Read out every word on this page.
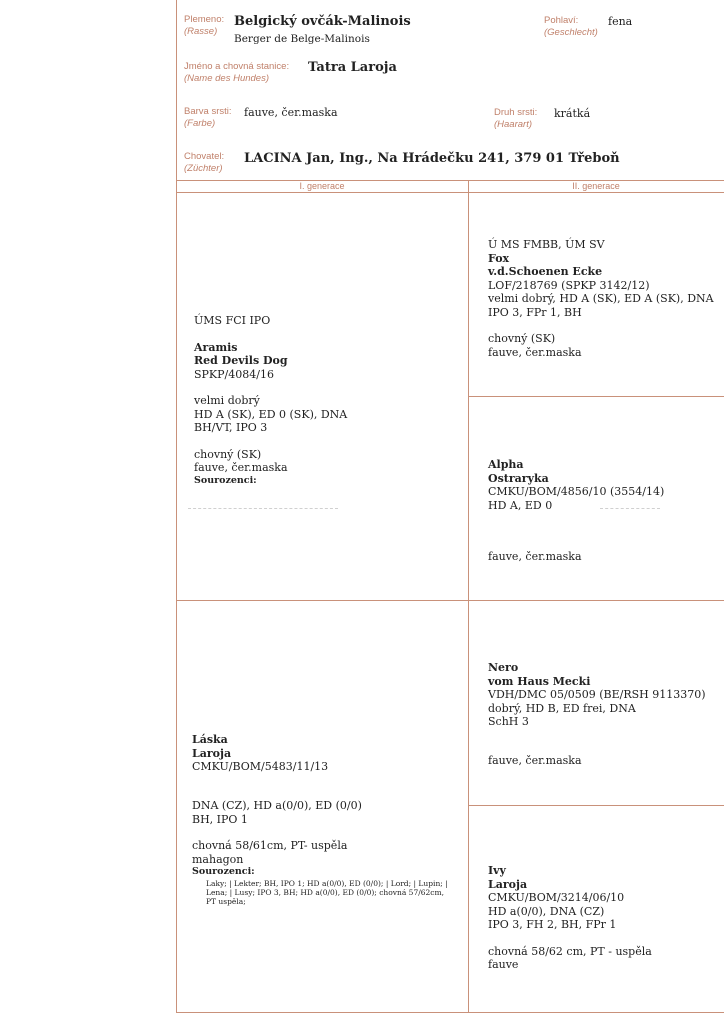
Plemeno:
(Rasse)
Belgický ovčák-Malinois
Berger de Belge-Malinois
Pohlaví:
(Geschlecht)
fena
Jméno a chovná stanice:
(Name des Hundes)
Tatra Laroja
Barva srsti:
(Farbe)
fauve, čer.maska	Druh srsti:
(Haarart)
krátká
Chovatel:
(Züchter)
LACINA Jan, Ing., Na Hrádečku 241, 379 01 Třeboň
I. generace	II. generace
ÚMS FCI IPO
Aramis
Red Devils Dog
SPKP/4084/16
velmi dobrý
HD A (SK), ED 0 (SK), DNA
BH/VT, IPO 3
chovný (SK)
fauve, čer.maska
Sourozenci:
Ú MS FMBB, ÚM SV
Fox
v.d.Schoenen Ecke
LOF/218769 (SPKP 3142/12)
velmi dobrý, HD A (SK), ED A (SK), DNA
IPO 3, FPr 1, BH
chovný (SK)
fauve, čer.maska
Alpha
Ostraryka
CMKU/BOM/4856/10 (3554/14)
HD A, ED 0
fauve, čer.maska
Láska
Laroja
CMKU/BOM/5483/11/13
DNA (CZ), HD a(0/0), ED (0/0)
BH, IPO 1
chovná 58/61cm, PT- uspěla
mahagon
Sourozenci:
Laky; | Lekter; BH, IPO 1; HD a(0/0), ED (0/0); | Lord; | Lupin; |
Lena; | Lusy; IPO 3, BH; HD a(0/0), ED (0/0); chovná 57/62cm,
PT uspěla;
Nero
vom Haus Mecki
VDH/DMC 05/0509 (BE/RSH 9113370)
dobrý, HD B, ED frei, DNA
SchH 3
fauve, čer.maska
Ivy
Laroja
CMKU/BOM/3214/06/10
HD a(0/0), DNA (CZ)
IPO 3, FH 2, BH, FPr 1
chovná 58/62 cm, PT - uspěla
fauve
